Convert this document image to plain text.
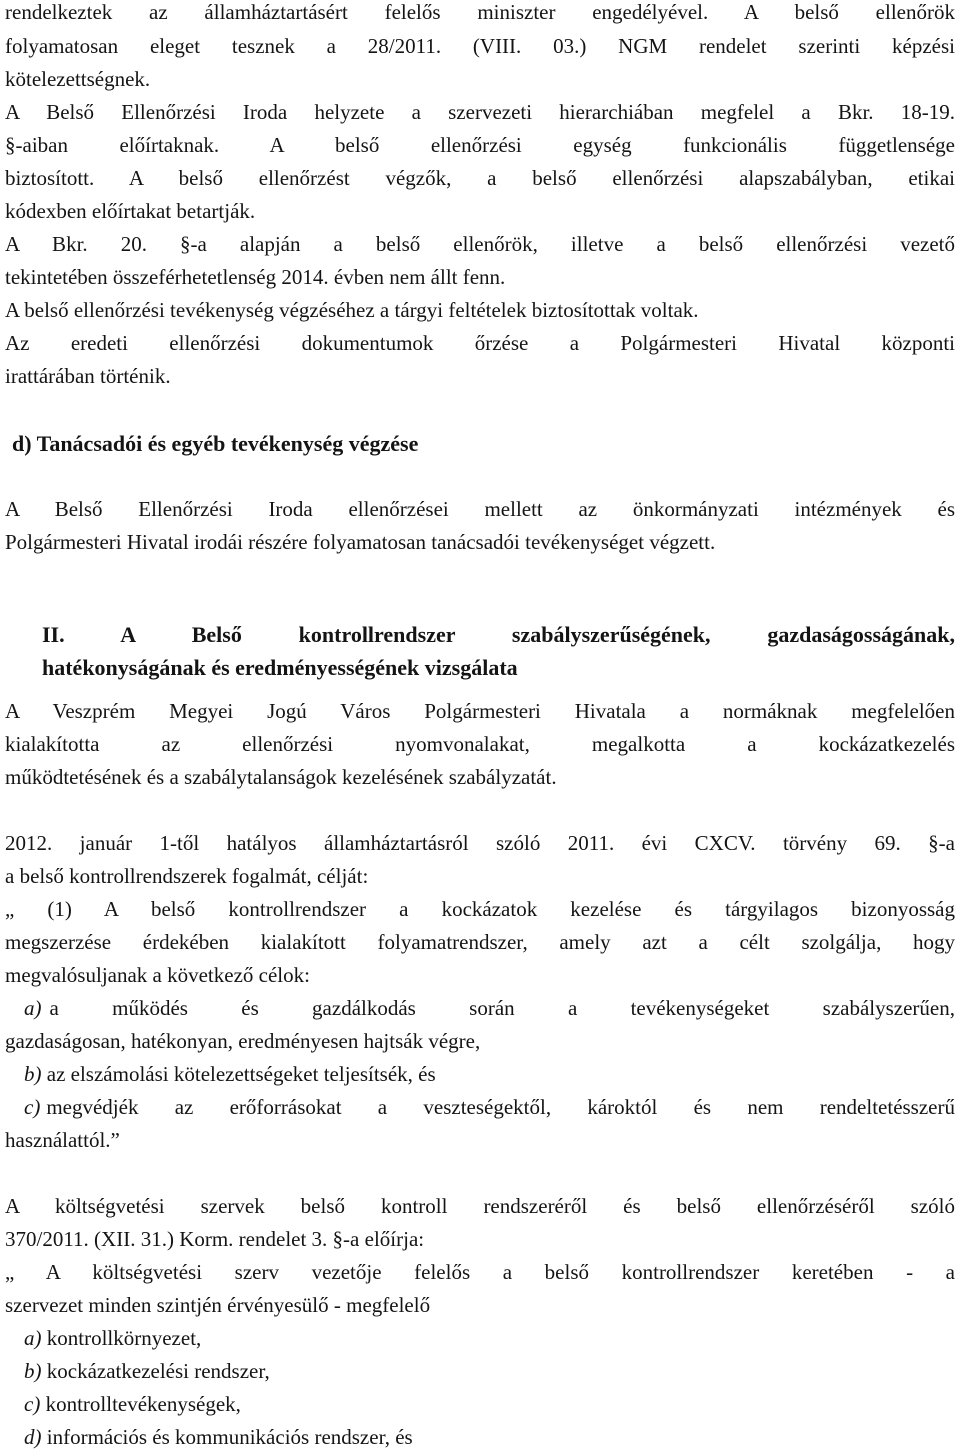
rendelkeztek az államháztartásért felelős miniszter engedélyével. A belső ellenőrök
folyamatosan eleget tesznek a 28/2011. (VIII. 03.) NGM rendelet szerinti képzési
kötelezettségnek.
A Belső Ellenőrzési Iroda helyzete a szervezeti hierarchiában megfelel a Bkr. 18-19.
§-aiban előírtaknak. A belső ellenőrzési egység funkcionális függetlensége
biztosított. A belső ellenőrzést végzők, a belső ellenőrzési alapszabályban, etikai
kódexben előírtakat betartják.
A Bkr. 20. §-a alapján a belső ellenőrök, illetve a belső ellenőrzési vezető
tekintetében összeférhetetlenség 2014. évben nem állt fenn.
A belső ellenőrzési tevékenység végzéséhez a tárgyi feltételek biztosítottak voltak.
Az eredeti ellenőrzési dokumentumok őrzése a Polgármesteri Hivatal központi
irattárában történik.
d) Tanácsadói és egyéb tevékenység végzése
A Belső Ellenőrzési Iroda ellenőrzései mellett az önkormányzati intézmények és
Polgármesteri Hivatal irodái részére folyamatosan tanácsadói tevékenységet végzett.
II. A Belső kontrollrendszer szabályszerűségének, gazdaságosságának,
hatékonyságának és eredményességének vizsgálata
A Veszprém Megyei Jogú Város Polgármesteri Hivatala a normáknak megfelelően
kialakította az ellenőrzési nyomvonalakat, megalkotta a kockázatkezelés
működtetésének és a szabálytalanságok kezelésének szabályzatát.
2012. január 1-től hatályos államháztartásról szóló 2011. évi CXCV. törvény 69. §-a
a belső kontrollrendszerek fogalmát, célját:
„ (1) A belső kontrollrendszer a kockázatok kezelése és tárgyilagos bizonyosság
megszerzése érdekében kialakított folyamatrendszer, amely azt a célt szolgálja, hogy
megvalósuljanak a következő célok:
a) a működés és gazdálkodás során a tevékenységeket szabályszerűen,
gazdaságosan, hatékonyan, eredményesen hajtsák végre,
b) az elszámolási kötelezettségeket teljesítsék, és
c) megvédjék az erőforrásokat a veszteségektől, károktól és nem rendeltetésszerű
használattól.”
A költségvetési szervek belső kontroll rendszeréről és belső ellenőrzéséről szóló
370/2011. (XII. 31.) Korm. rendelet 3. §-a előírja:
„ A költségvetési szerv vezetője felelős a belső kontrollrendszer keretében - a
szervezet minden szintjén érvényesülő - megfelelő
a) kontrollkörnyezet,
b) kockázatkezelési rendszer,
c) kontrolltevékenységek,
d) információs és kommunikációs rendszer, és
